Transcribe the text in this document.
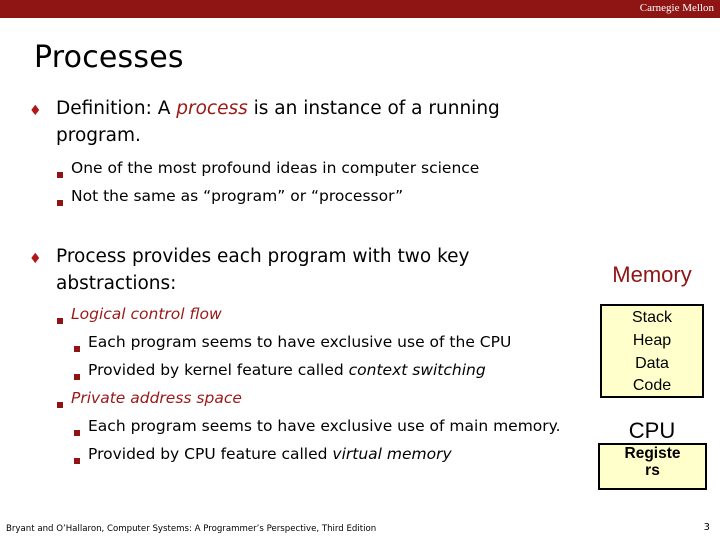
Carnegie Mellon
Processes
♦ Definition: A process is an instance of a running
program.
One of the most profound ideas in computer science
Not the same as “program” or “processor”
♦ Process provides each program with two key
abstractions:
Logical control flow
Each program seems to have exclusive use of the CPU
Provided by kernel feature called context switching
Private address space
Each program seems to have exclusive use of main memory.
Provided by CPU feature called virtual memory
Memory
Stack
Heap
Data
Code
CPU
Registe
rs
Bryant and O’Hallaron, Computer Systems: A Programmer’s Perspective, Third Edition	3
